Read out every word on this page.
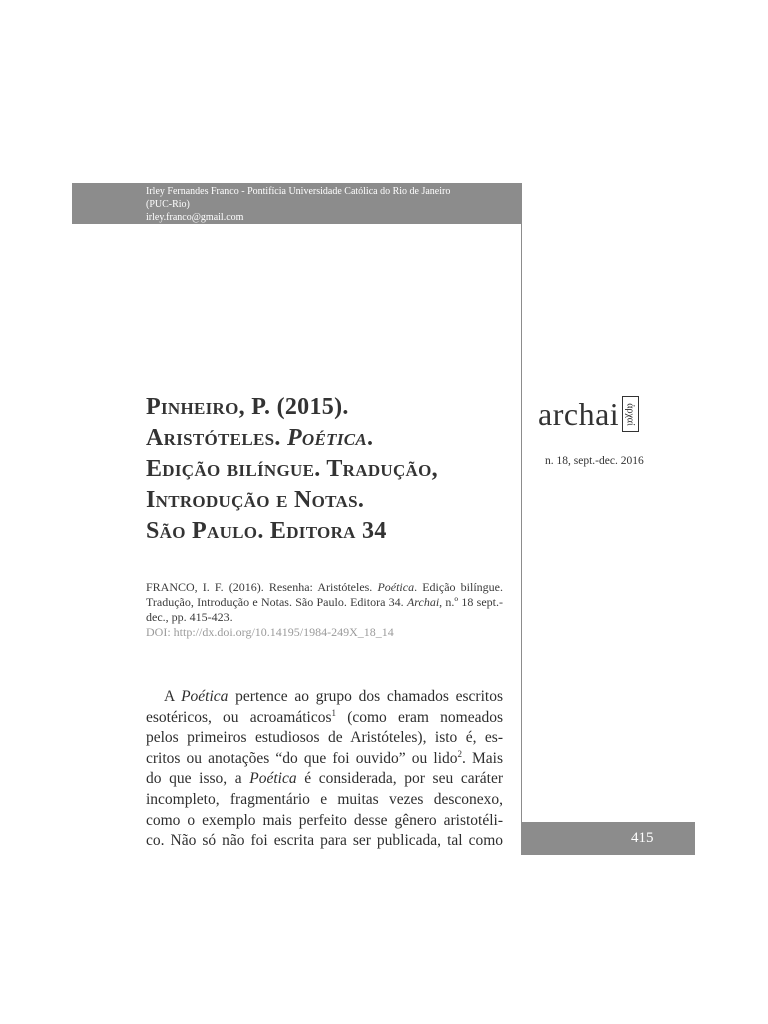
Irley Fernandes Franco - Pontifícia Universidade Católica do Rio de Janeiro
(PUC-Rio)
irley.franco@gmail.com
Pinheiro, P. (2015).
Aristóteles. Poética.
Edição bilíngue. Tradução,
Introdução e Notas.
São Paulo. Editora 34
archai ἀρχαί
n. 18, sept.-dec. 2016
FRANCO, I. F. (2016). Resenha: Aristóteles. Poética. Edição bilíngue. Tradução, Introdução e Notas. São Paulo. Editora 34. Archai, n.º 18 sept.-dec., pp. 415-423.
DOI: http://dx.doi.org/10.14195/1984-249X_18_14
A Poética pertence ao grupo dos chamados escritos
esotéricos, ou acroamáticos$^1$ (como eram nomeados
pelos primeiros estudiosos de Aristóteles), isto é, es-
critos ou anotações “do que foi ouvido” ou lido$^2$. Mais
do que isso, a Poética é considerada, por seu caráter
incompleto, fragmentário e muitas vezes desconexo,
como o exemplo mais perfeito desse gênero aristotéli-
co. Não só não foi escrita para ser publicada, tal como	415
